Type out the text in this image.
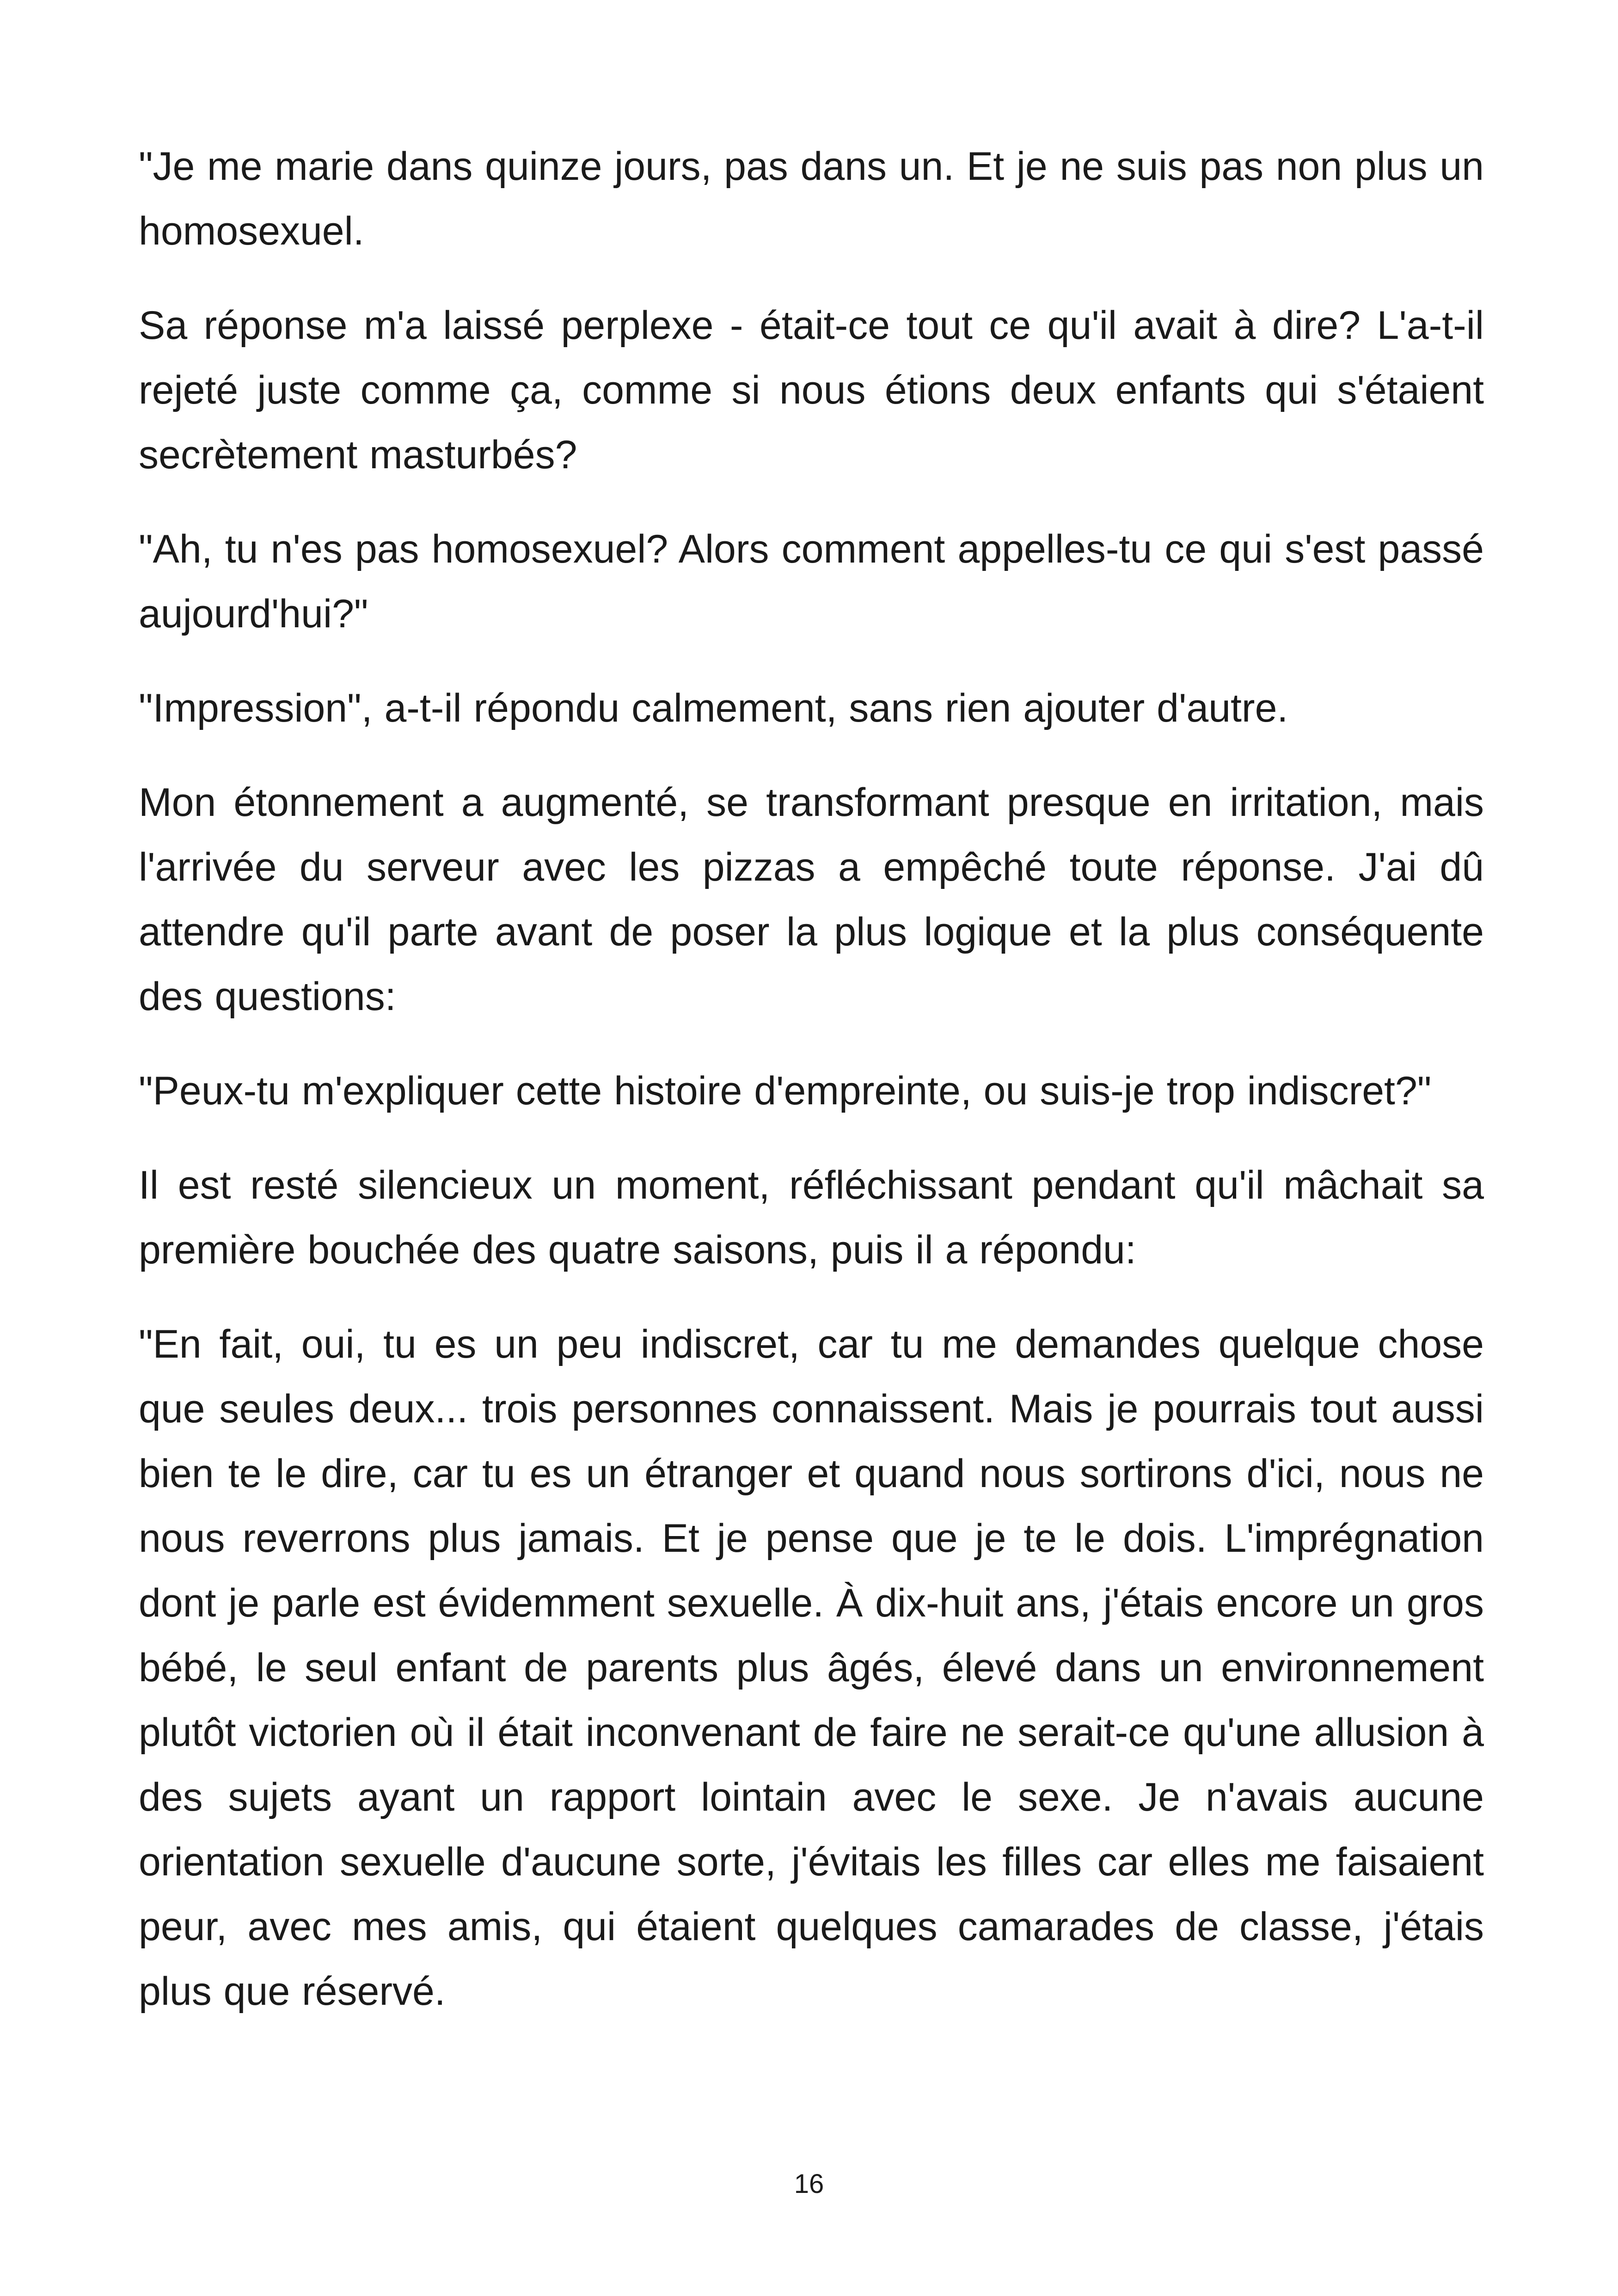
"Je me marie dans quinze jours, pas dans un. Et je ne suis pas non plus un homosexuel.

Sa réponse m'a laissé perplexe - était-ce tout ce qu'il avait à dire? L'a-t-il rejeté juste comme ça, comme si nous étions deux enfants qui s'étaient secrètement masturbés?

"Ah, tu n'es pas homosexuel? Alors comment appelles-tu ce qui s'est passé aujourd'hui?"

"Impression", a-t-il répondu calmement, sans rien ajouter d'autre.

Mon étonnement a augmenté, se transformant presque en irritation, mais l'arrivée du serveur avec les pizzas a empêché toute réponse. J'ai dû attendre qu'il parte avant de poser la plus logique et la plus conséquente des questions:

"Peux-tu m'expliquer cette histoire d'empreinte, ou suis-je trop indiscret?"

Il est resté silencieux un moment, réfléchissant pendant qu'il mâchait sa première bouchée des quatre saisons, puis il a répondu:

"En fait, oui, tu es un peu indiscret, car tu me demandes quelque chose que seules deux... trois personnes connaissent. Mais je pourrais tout aussi bien te le dire, car tu es un étranger et quand nous sortirons d'ici, nous ne nous reverrons plus jamais. Et je pense que je te le dois. L'imprégnation dont je parle est évidemment sexuelle. À dix-huit ans, j'étais encore un gros bébé, le seul enfant de parents plus âgés, élevé dans un environnement plutôt victorien où il était inconvenant de faire ne serait-ce qu'une allusion à des sujets ayant un rapport lointain avec le sexe. Je n'avais aucune orientation sexuelle d'aucune sorte, j'évitais les filles car elles me faisaient peur, avec mes amis, qui étaient quelques camarades de classe, j'étais plus que réservé.

16
